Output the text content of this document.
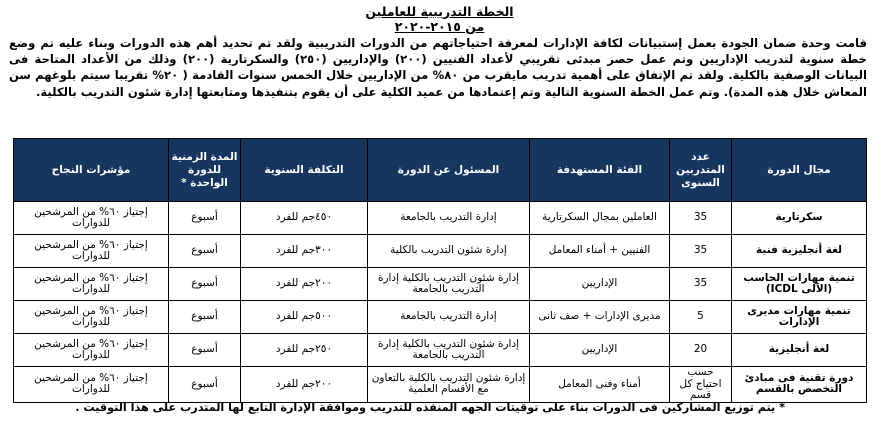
الخطة التدريبية للعاملين
من ٢٠١٥-٢٠٢٠

قامت وحدة ضمان الجودة بعمل إستبيانات لكافة الإدارات لمعرفة احتياجاتهم من الدورات التدريبية ولقد تم تحديد أهم هذه الدورات وبناء عليه تم وضع خطة سنوية لتدريب الإداريين وتم عمل حصر مبدئى تقريبي لأعداد الفنيين (٢٠٠) والإداريين (٢٥٠) والسكرتارية (٢٠٠) وذلك من الأعداد المتاحة فى البيانات الوصفية بالكلية. ولقد تم الإتفاق على أهمية تدريب مايقرب من ٨٠% من الإداريين خلال الخمس سنوات القادمة ( ٢٠% تقريبا سيتم بلوغهم سن المعاش خلال هذه المدة). وتم عمل الخطة السنوية التالية وتم إعتمادها من عميد الكلية على أن يقوم بتنفيذها ومتابعتها إدارة شئون التدريب بالكلية.

مجال الدورة	عدد المتدربين السنوى	الفئة المستهدفة	المسئول عن الدورة	التكلفة السنوية	المدة الزمنية للدورة الواحدة *	مؤشرات النجاح
سكرتارية	35	العاملين بمجال السكرتارية	إدارة التدريب بالجامعة	٤٥٠جم للفرد	أسبوع	إجتياز ٦٠% من المرشحين للدوارات
لغة أنجليزية فنية	35	الفنيين + أمناء المعامل	إدارة شئون التدريب بالكلية	٣٠٠جم للفرد	أسبوع	إجتياز ٦٠% من المرشحين للدوارات
تنمية مهارات الحاسب (الآلى ICDL)	35	الإداريين	إدارة شئون التدريب بالكلية إدارة التدريب بالجامعة	٢٠٠جم للفرد	أسبوع	إجتياز ٦٠% من المرشحين للدوارات
تنمية مهارات مديرى الإدارات	5	مديرى الإدارات + صف ثانى	إدارة التدريب بالجامعة	٥٠٠جم للفرد	أسبوع	إجتياز ٦٠% من المرشحين للدوارات
لغة أنجليزية	20	الإداريين	إدارة شئون التدريب بالكلية إدارة التدريب بالجامعة	٢٥٠جم للفرد	أسبوع	إجتياز ٦٠% من المرشحين للدوارات
دورة تقنية فى مبادئ التخصص بالقسم	حسب احتياج كل قسم	أمناء وفنى المعامل	إدارة شئون التدريب بالكلية بالتعاون مع الأقسام العلمية	٢٠٠جم للفرد	أسبوع	إجتياز ٦٠% من المرشحين للدوارات
* يتم توزيع المشاركين فى الدورات بناء على توقيتات الجهه المنفذه للتدريب وموافقة الإدارة التابع لها المتدرب على هذا التوقيت .
